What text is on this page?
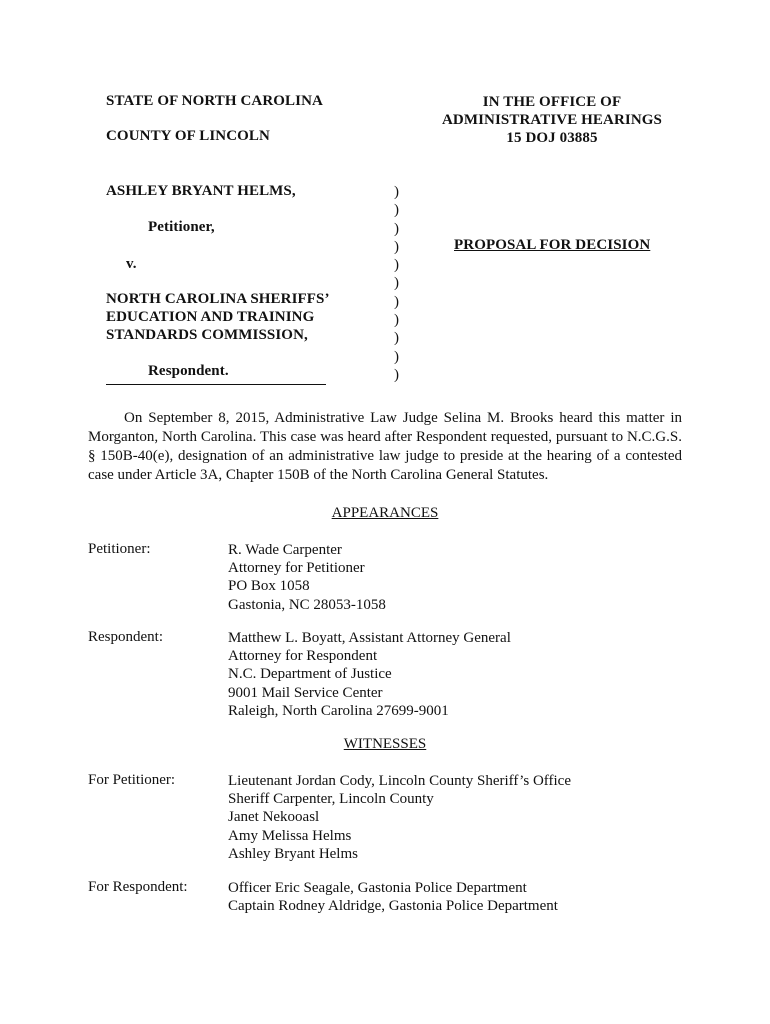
STATE OF NORTH CAROLINA
COUNTY OF LINCOLN
IN THE OFFICE OF
ADMINISTRATIVE HEARINGS
15 DOJ 03885
ASHLEY BRYANT HELMS,
Petitioner,
v.
NORTH CAROLINA SHERIFFS’
EDUCATION AND TRAINING
STANDARDS COMMISSION,
Respondent.
)
)
)
)
)
)
)
)
)
)
)
PROPOSAL FOR DECISION
On September 8, 2015, Administrative Law Judge Selina M. Brooks heard this matter in Morganton, North Carolina. This case was heard after Respondent requested, pursuant to N.C.G.S. § 150B-40(e), designation of an administrative law judge to preside at the hearing of a contested case under Article 3A, Chapter 150B of the North Carolina General Statutes.
APPEARANCES
Petitioner:	R. Wade Carpenter
Attorney for Petitioner
PO Box 1058
Gastonia, NC 28053-1058
Respondent:	Matthew L. Boyatt, Assistant Attorney General
Attorney for Respondent
N.C. Department of Justice
9001 Mail Service Center
Raleigh, North Carolina 27699-9001
WITNESSES
For Petitioner:	Lieutenant Jordan Cody, Lincoln County Sheriff’s Office
Sheriff Carpenter, Lincoln County
Janet Nekooasl
Amy Melissa Helms
Ashley Bryant Helms
For Respondent:	Officer Eric Seagale, Gastonia Police Department
Captain Rodney Aldridge, Gastonia Police Department
